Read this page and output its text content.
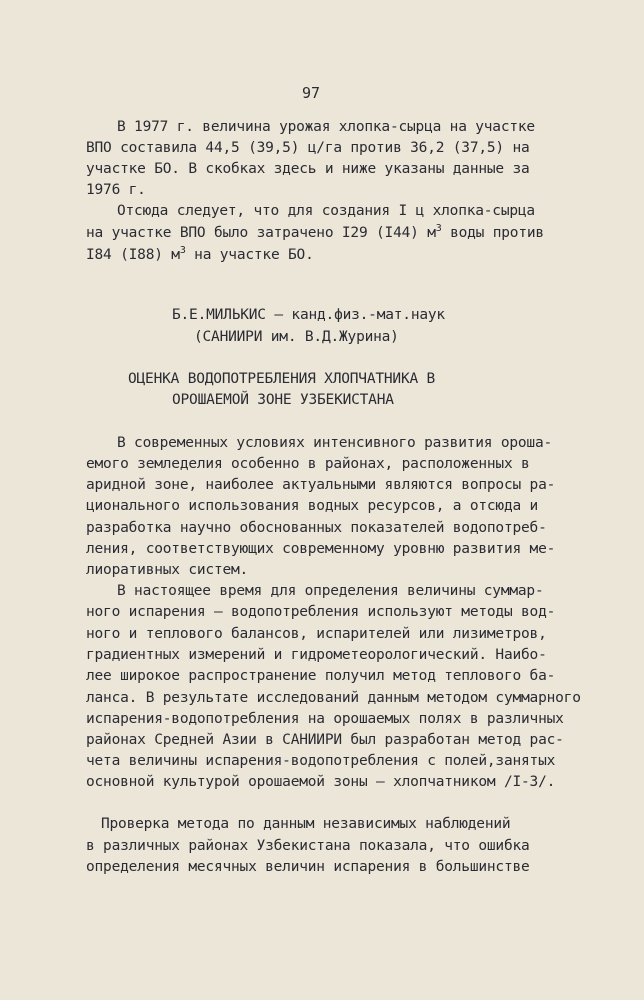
97
В 1977 г. величина урожая хлопка-сырца на участке
ВПО составила 44,5 (39,5) ц/га против 36,2 (37,5) на
участке БО. В скобках здесь и ниже указаны данные за
1976 г.
Отсюда следует, что для создания I ц хлопка-сырца
на участке ВПО было затрачено I29 (I44) $м^3$ воды против
I84 (I88) $м^3$ на участке БО.
Б.Е.МИЛЬКИС – канд.физ.-мат.наук
(САНИИРИ им. В.Д.Журина)
ОЦЕНКА ВОДОПОТРЕБЛЕНИЯ ХЛОПЧАТНИКА В
ОРОШАЕМОЙ ЗОНЕ УЗБЕКИСТАНА
В современных условиях интенсивного развития ороша-
емого земледелия особенно в районах, расположенных в
аридной зоне, наиболее актуальными являются вопросы ра-
ционального использования водных ресурсов, а отсюда и
разработка научно обоснованных показателей водопотреб-
ления, соответствующих современному уровню развития ме-
лиоративных систем.
В настоящее время для определения величины суммар-
ного испарения – водопотребления используют методы вод-
ного и теплового балансов, испарителей или лизиметров,
градиентных измерений и гидрометеорологический. Наибо-
лее широкое распространение получил метод теплового ба-
ланса. В результате исследований данным методом суммарного
испарения-водопотребления на орошаемых полях в различных
районах Средней Азии в САНИИРИ был разработан метод рас-
чета величины испарения-водопотребления с полей,занятых
основной культурой орошаемой зоны – хлопчатником /I-3/.
Проверка метода по данным независимых наблюдений
в различных районах Узбекистана показала, что ошибка
определения месячных величин испарения в большинстве
